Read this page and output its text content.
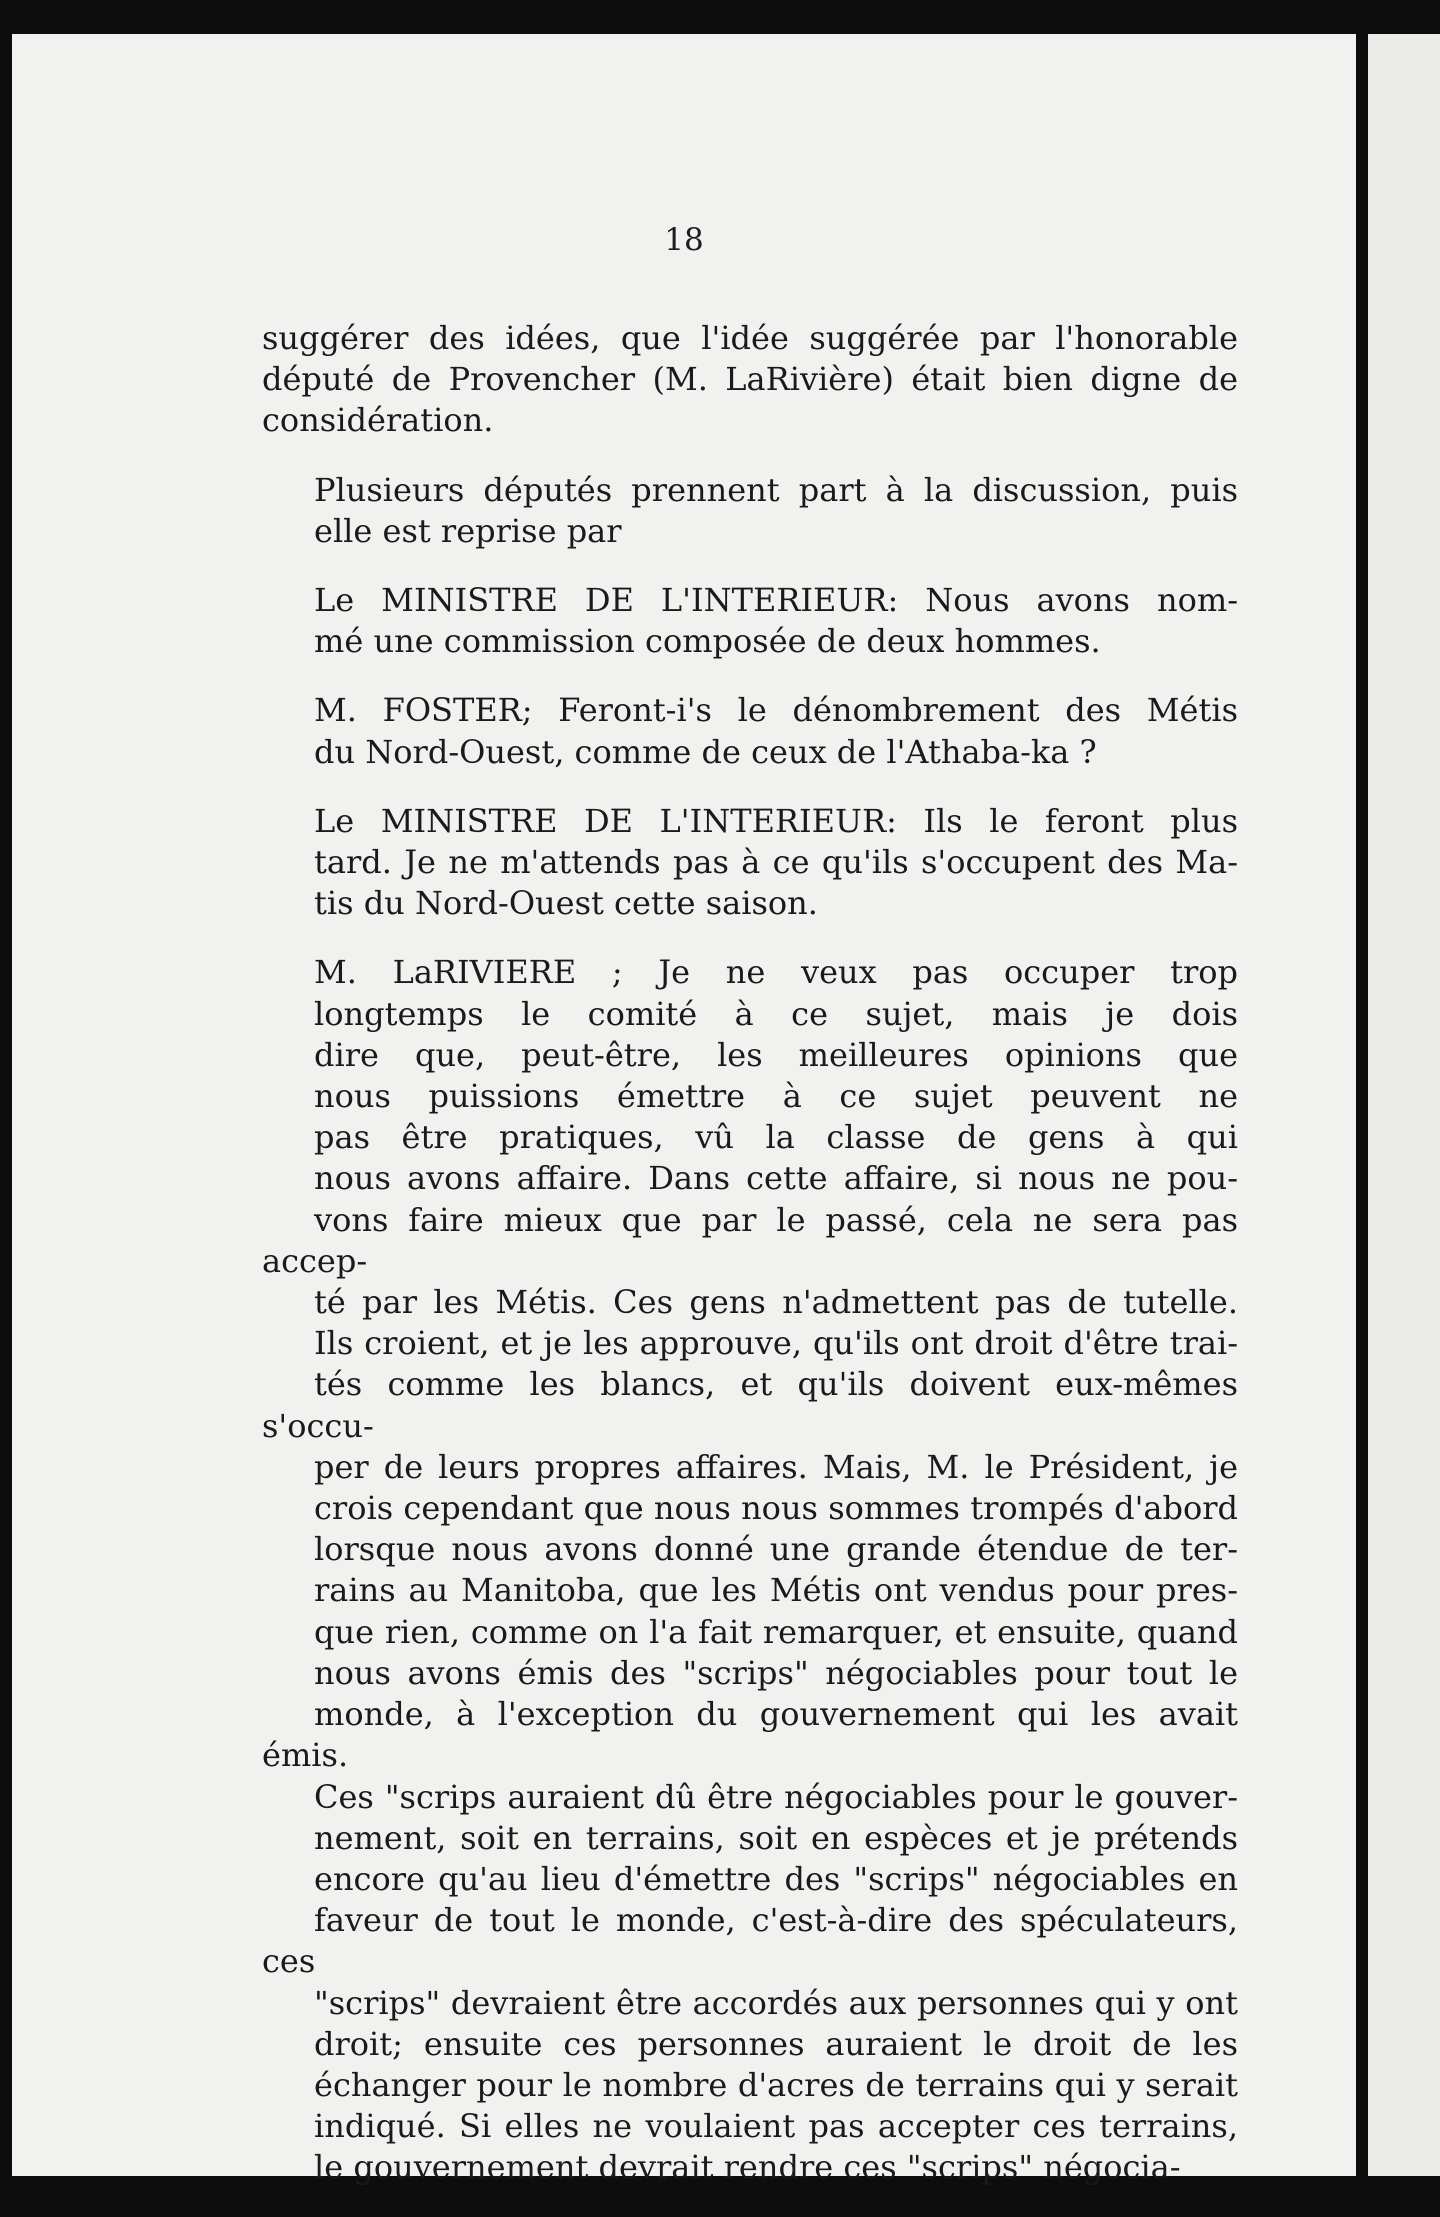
18

suggérer des idées, que l'idée suggérée par l'honorable
député de Provencher (M. LaRivière) était bien digne de
considération.

Plusieurs députés prennent part à la discussion, puis
elle est reprise par

Le MINISTRE DE L'INTERIEUR: Nous avons nom-
mé une commission composée de deux hommes.

M. FOSTER; Feront-i's le dénombrement des Métis
du Nord-Ouest, comme de ceux de l'Athaba-ka ?

Le MINISTRE DE L'INTERIEUR: Ils le feront plus
tard. Je ne m'attends pas à ce qu'ils s'occupent des Ma-
tis du Nord-Ouest cette saison.

M. LaRIVIERE ; Je ne veux pas occuper trop
longtemps le comité à ce sujet, mais je dois
dire que, peut-être, les meilleures opinions que
nous puissions émettre à ce sujet peuvent ne
pas être pratiques, vû la classe de gens à qui
nous avons affaire. Dans cette affaire, si nous ne pou-
vons faire mieux que par le passé, cela ne sera pas accep-
té par les Métis. Ces gens n'admettent pas de tutelle.
Ils croient, et je les approuve, qu'ils ont droit d'être trai-
tés comme les blancs, et qu'ils doivent eux-mêmes s'occu-
per de leurs propres affaires. Mais, M. le Président, je
crois cependant que nous nous sommes trompés d'abord
lorsque nous avons donné une grande étendue de ter-
rains au Manitoba, que les Métis ont vendus pour pres-
que rien, comme on l'a fait remarquer, et ensuite, quand
nous avons émis des "scrips" négociables pour tout le
monde, à l'exception du gouvernement qui les avait émis.
Ces "scrips auraient dû être négociables pour le gouver-
nement, soit en terrains, soit en espèces et je prétends
encore qu'au lieu d'émettre des "scrips" négociables en
faveur de tout le monde, c'est-à-dire des spéculateurs, ces
"scrips" devraient être accordés aux personnes qui y ont
droit; ensuite ces personnes auraient le droit de les
échanger pour le nombre d'acres de terrains qui y serait
indiqué. Si elles ne voulaient pas accepter ces terrains,
le gouvernement devrait rendre ces "scrips" négocia-
